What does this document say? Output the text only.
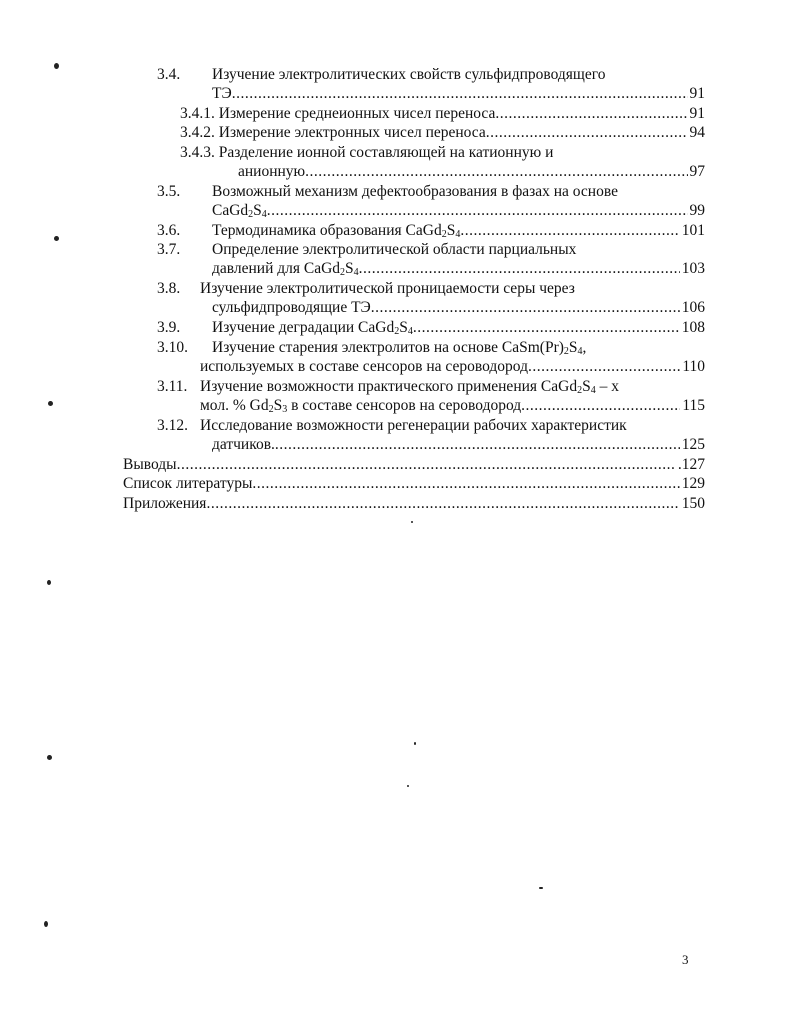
3.4. Изучение электролитических свойств сульфидпроводящего
ТЭ .....	91
3.4.1. Измерение среднеионных чисел переноса .....	91
3.4.2. Измерение электронных чисел переноса .....	94
3.4.3. Разделение ионной составляющей на катионную и
анионную .....	97
3.5. Возможный механизм дефектообразования в фазах на основе
$CaGd_2S_4$ .....	99
3.6. Термодинамика образования $CaGd_2S_4$ .....	101
3.7. Определение электролитической области парциальных
давлений для $CaGd_2S_4$ .....	103
3.8. Изучение электролитической проницаемости серы через
сульфидпроводящие ТЭ .....	106
3.9. Изучение деградации $CaGd_2S_4$ .....	108
3.10. Изучение старения электролитов на основе $CaSm(Pr)_2S_4$,
используемых в составе сенсоров на сероводород .....	110
3.11. Изучение возможности практического применения $CaGd_2S_4$ – x
мол. % $Gd_2S_3$ в составе сенсоров на сероводород .....	115
3.12. Исследование возможности регенерации рабочих характеристик
датчиков. .....	125
Выводы .....	.127
Список литературы .....	129
Приложения .....	150
3
